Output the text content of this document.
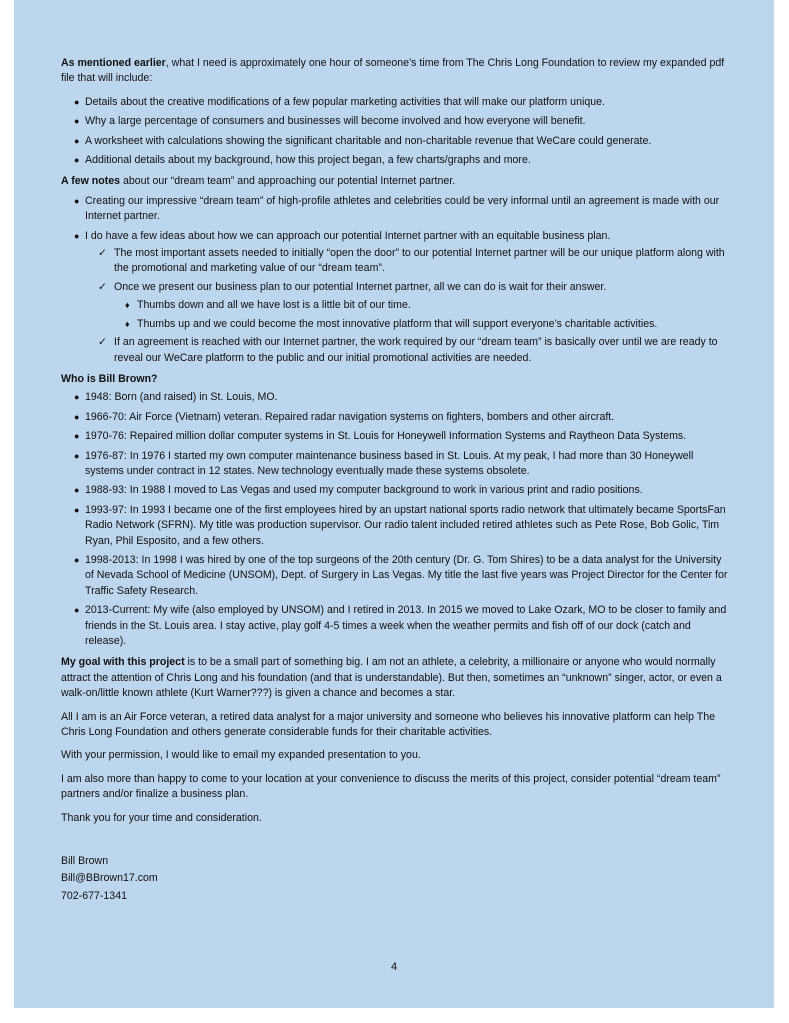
As mentioned earlier, what I need is approximately one hour of someone’s time from The Chris Long Foundation to review my expanded pdf file that will include:

● Details about the creative modifications of a few popular marketing activities that will make our platform unique.
● Why a large percentage of consumers and businesses will become involved and how everyone will benefit.
● A worksheet with calculations showing the significant charitable and non-charitable revenue that WeCare could generate.
● Additional details about my background, how this project began, a few charts/graphs and more.

A few notes about our “dream team” and approaching our potential Internet partner.

● Creating our impressive “dream team” of high-profile athletes and celebrities could be very informal until an agreement is made with our Internet partner.
● I do have a few ideas about how we can approach our potential Internet partner with an equitable business plan.
✓ The most important assets needed to initially “open the door” to our potential Internet partner will be our unique platform along with the promotional and marketing value of our “dream team”.
✓ Once we present our business plan to our potential Internet partner, all we can do is wait for their answer.
♦ Thumbs down and all we have lost is a little bit of our time.
♦ Thumbs up and we could become the most innovative platform that will support everyone’s charitable activities.
✓ If an agreement is reached with our Internet partner, the work required by our “dream team” is basically over until we are ready to reveal our WeCare platform to the public and our initial promotional activities are needed.

Who is Bill Brown?

● 1948: Born (and raised) in St. Louis, MO.
● 1966-70: Air Force (Vietnam) veteran. Repaired radar navigation systems on fighters, bombers and other aircraft.
● 1970-76: Repaired million dollar computer systems in St. Louis for Honeywell Information Systems and Raytheon Data Systems.
● 1976-87: In 1976 I started my own computer maintenance business based in St. Louis. At my peak, I had more than 30 Honeywell systems under contract in 12 states. New technology eventually made these systems obsolete.
● 1988-93: In 1988 I moved to Las Vegas and used my computer background to work in various print and radio positions.
● 1993-97: In 1993 I became one of the first employees hired by an upstart national sports radio network that ultimately became SportsFan Radio Network (SFRN). My title was production supervisor. Our radio talent included retired athletes such as Pete Rose, Bob Golic, Tim Ryan, Phil Esposito, and a few others.
● 1998-2013: In 1998 I was hired by one of the top surgeons of the 20th century (Dr. G. Tom Shires) to be a data analyst for the University of Nevada School of Medicine (UNSOM), Dept. of Surgery in Las Vegas. My title the last five years was Project Director for the Center for Traffic Safety Research.
● 2013-Current: My wife (also employed by UNSOM) and I retired in 2013. In 2015 we moved to Lake Ozark, MO to be closer to family and friends in the St. Louis area. I stay active, play golf 4-5 times a week when the weather permits and fish off of our dock (catch and release).

My goal with this project is to be a small part of something big. I am not an athlete, a celebrity, a millionaire or anyone who would normally attract the attention of Chris Long and his foundation (and that is understandable). But then, sometimes an “unknown” singer, actor, or even a walk-on/little known athlete (Kurt Warner???) is given a chance and becomes a star.

All I am is an Air Force veteran, a retired data analyst for a major university and someone who believes his innovative platform can help The Chris Long Foundation and others generate considerable funds for their charitable activities.

With your permission, I would like to email my expanded presentation to you.

I am also more than happy to come to your location at your convenience to discuss the merits of this project, consider potential “dream team” partners and/or finalize a business plan.

Thank you for your time and consideration.

Bill Brown
Bill@BBrown17.com
702-677-1341
4
